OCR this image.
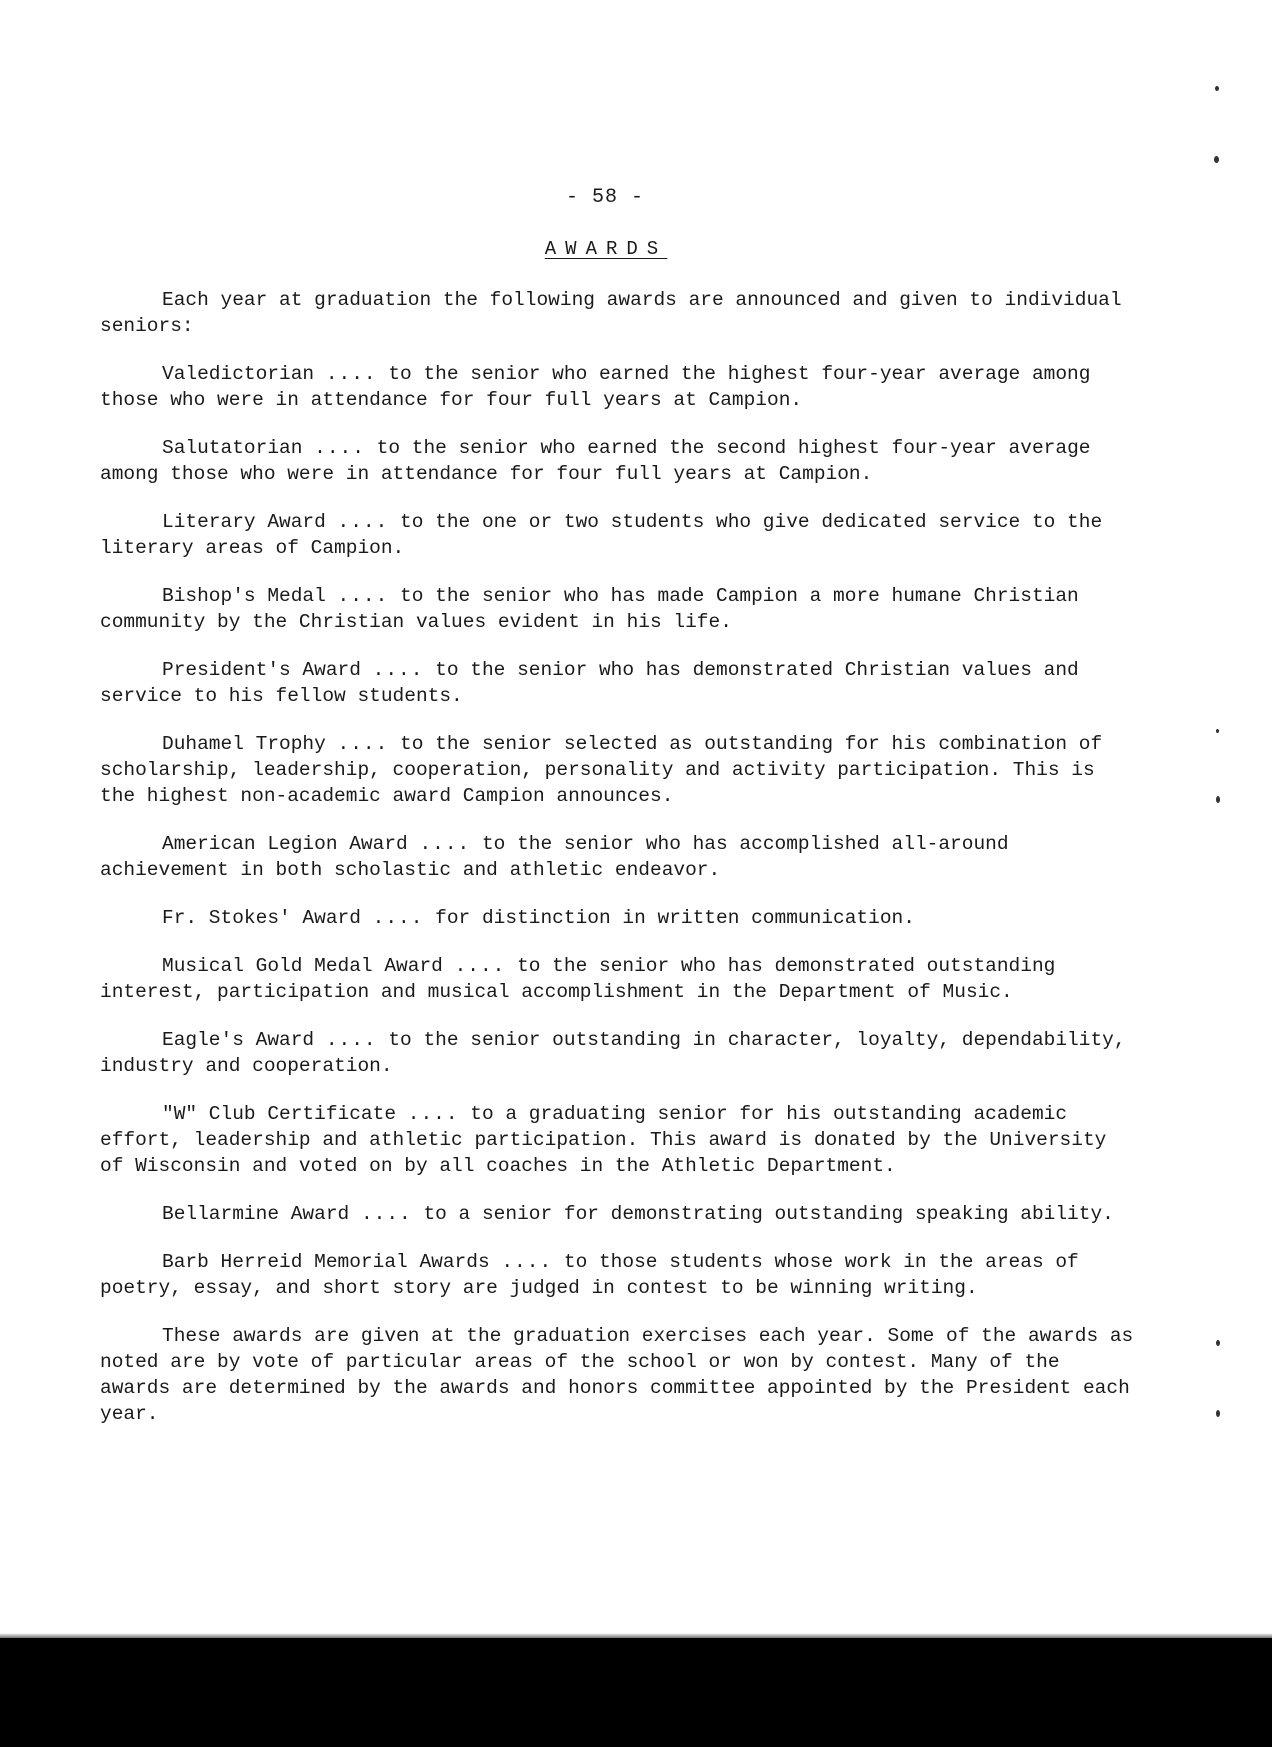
- 58 -
AWARDS

Each year at graduation the following awards are announced and given to individual seniors:

Valedictorian .... to the senior who earned the highest four-year average among those who were in attendance for four full years at Campion.

Salutatorian .... to the senior who earned the second highest four-year average among those who were in attendance for four full years at Campion.

Literary Award .... to the one or two students who give dedicated service to the literary areas of Campion.

Bishop's Medal .... to the senior who has made Campion a more humane Christian community by the Christian values evident in his life.

President's Award .... to the senior who has demonstrated Christian values and service to his fellow students.

Duhamel Trophy .... to the senior selected as outstanding for his combination of scholarship, leadership, cooperation, personality and activity participation. This is the highest non-academic award Campion announces.

American Legion Award .... to the senior who has accomplished all-around achievement in both scholastic and athletic endeavor.

Fr. Stokes' Award .... for distinction in written communication.

Musical Gold Medal Award .... to the senior who has demonstrated outstanding interest, participation and musical accomplishment in the Department of Music.

Eagle's Award .... to the senior outstanding in character, loyalty, dependability, industry and cooperation.

"W" Club Certificate .... to a graduating senior for his outstanding academic effort, leadership and athletic participation. This award is donated by the University of Wisconsin and voted on by all coaches in the Athletic Department.

Bellarmine Award .... to a senior for demonstrating outstanding speaking ability.

Barb Herreid Memorial Awards .... to those students whose work in the areas of poetry, essay, and short story are judged in contest to be winning writing.

These awards are given at the graduation exercises each year. Some of the awards as noted are by vote of particular areas of the school or won by contest. Many of the awards are determined by the awards and honors committee appointed by the President each year.
